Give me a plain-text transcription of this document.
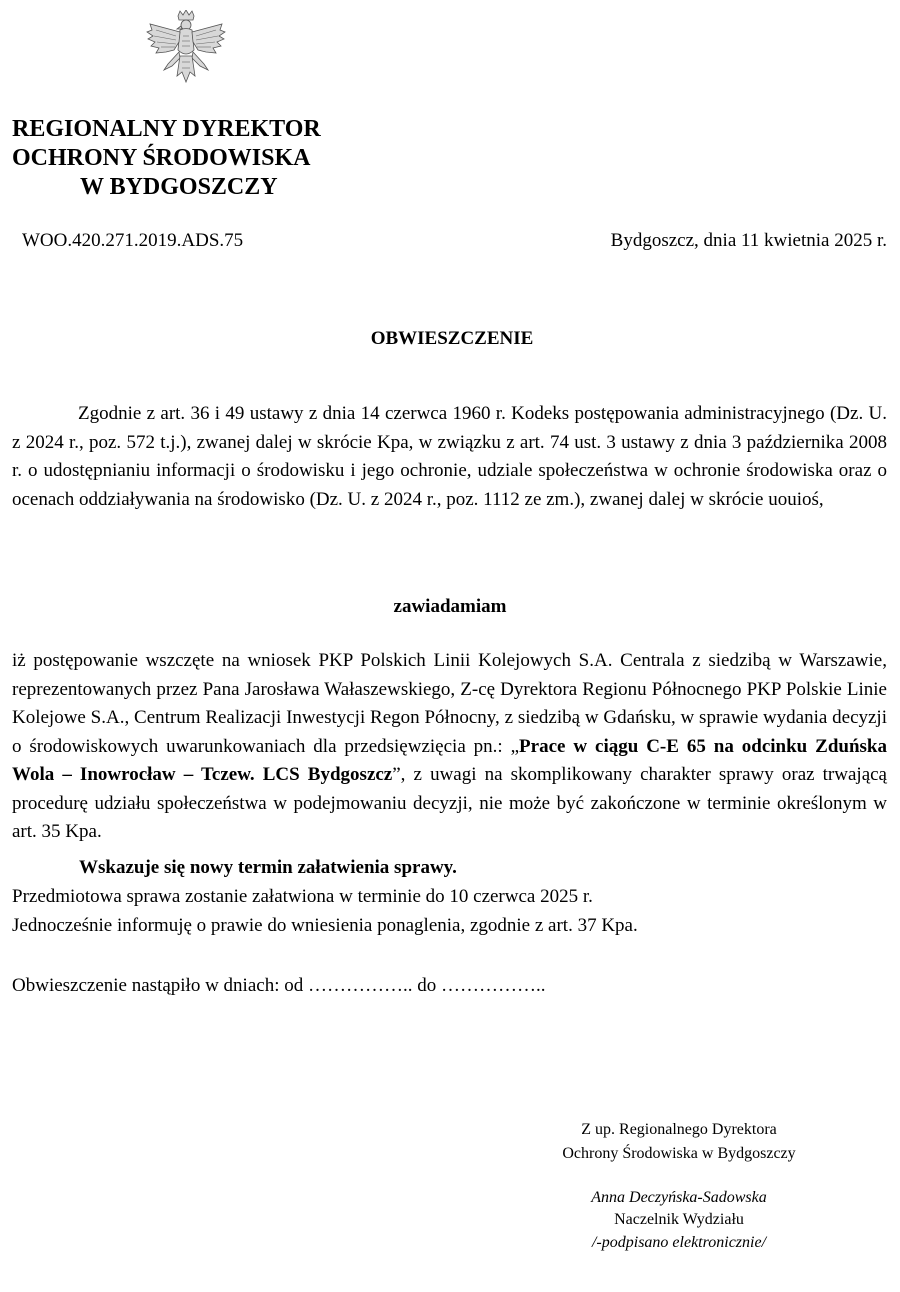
REGIONALNY DYREKTOR
OCHRONY ŚRODOWISKA
W BYDGOSZCZY
WOO.420.271.2019.ADS.75	Bydgoszcz, dnia 11 kwietnia 2025 r.
OBWIESZCZENIE
Zgodnie z art. 36 i 49 ustawy z dnia 14 czerwca 1960 r. Kodeks postępowania administracyjnego (Dz. U. z 2024 r., poz. 572 t.j.), zwanej dalej w skrócie Kpa, w związku z art. 74 ust. 3 ustawy z dnia 3 października 2008 r. o udostępnianiu informacji o środowisku i jego ochronie, udziale społeczeństwa w ochronie środowiska oraz o ocenach oddziaływania na środowisko (Dz. U. z 2024 r., poz. 1112 ze zm.), zwanej dalej w skrócie uouioś,
zawiadamiam
iż postępowanie wszczęte na wniosek PKP Polskich Linii Kolejowych S.A. Centrala z siedzibą w Warszawie, reprezentowanych przez Pana Jarosława Wałaszewskiego, Z-cę Dyrektora Regionu Północnego PKP Polskie Linie Kolejowe S.A., Centrum Realizacji Inwestycji Regon Północny, z siedzibą w Gdańsku, w sprawie wydania decyzji o środowiskowych uwarunkowaniach dla przedsięwzięcia pn.: „Prace w ciągu C-E 65 na odcinku Zduńska Wola – Inowrocław – Tczew. LCS Bydgoszcz”, z uwagi na skomplikowany charakter sprawy oraz trwającą procedurę udziału społeczeństwa w podejmowaniu decyzji, nie może być zakończone w terminie określonym w art. 35 Kpa.
Wskazuje się nowy termin załatwienia sprawy.
Przedmiotowa sprawa zostanie załatwiona w terminie do 10 czerwca 2025 r.
Jednocześnie informuję o prawie do wniesienia ponaglenia, zgodnie z art. 37 Kpa.
Obwieszczenie nastąpiło w dniach: od …………….. do ……………..
Z up. Regionalnego Dyrektora
Ochrony Środowiska w Bydgoszczy
Anna Deczyńska-Sadowska
Naczelnik Wydziału
/-podpisano elektronicznie/
